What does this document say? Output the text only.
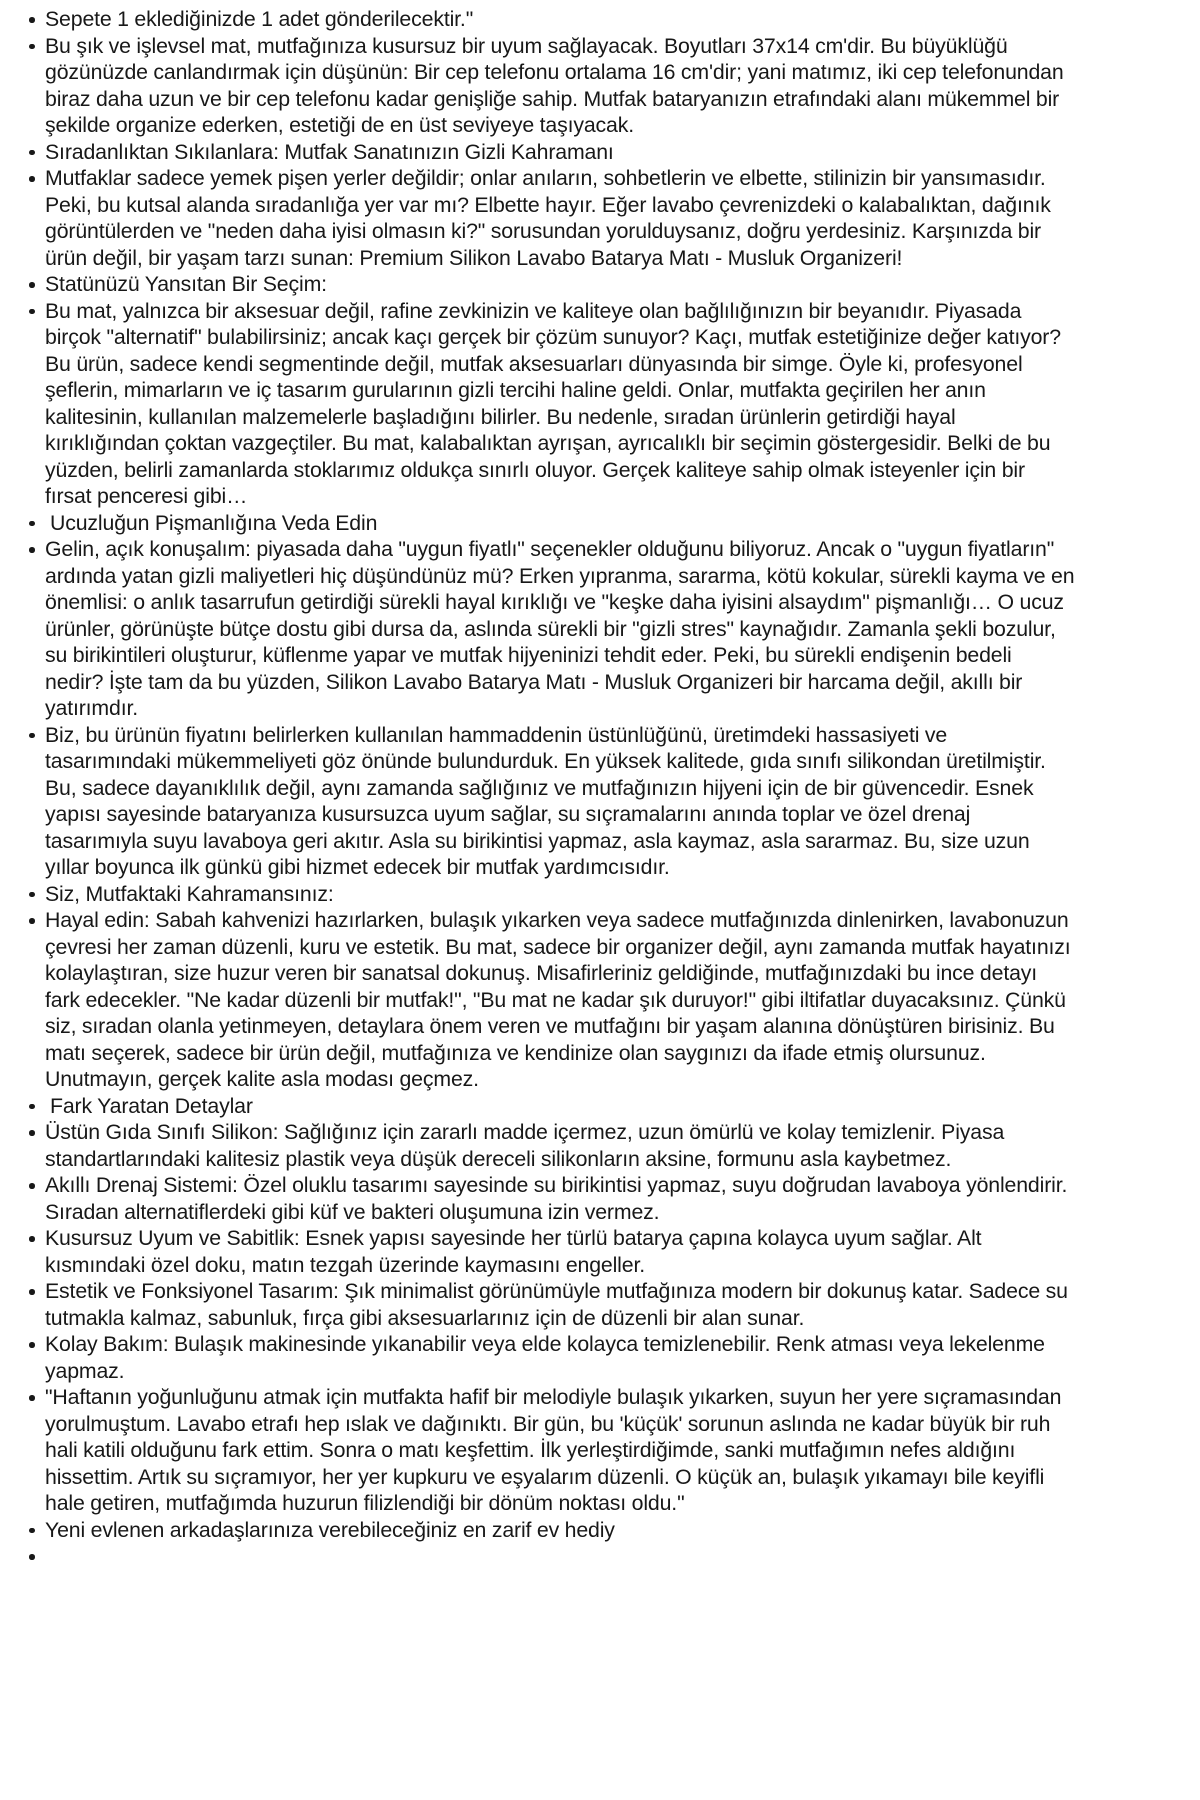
Sepete 1 eklediğinizde 1 adet gönderilecektir."
Bu şık ve işlevsel mat, mutfağınıza kusursuz bir uyum sağlayacak. Boyutları 37x14 cm'dir. Bu büyüklüğü gözünüzde canlandırmak için düşünün: Bir cep telefonu ortalama 16 cm'dir; yani matımız, iki cep telefonundan biraz daha uzun ve bir cep telefonu kadar genişliğe sahip. Mutfak bataryanızın etrafındaki alanı mükemmel bir şekilde organize ederken, estetiği de en üst seviyeye taşıyacak.
Sıradanlıktan Sıkılanlara: Mutfak Sanatınızın Gizli Kahramanı
Mutfaklar sadece yemek pişen yerler değildir; onlar anıların, sohbetlerin ve elbette, stilinizin bir yansımasıdır. Peki, bu kutsal alanda sıradanlığa yer var mı? Elbette hayır. Eğer lavabo çevrenizdeki o kalabalıktan, dağınık görüntülerden ve "neden daha iyisi olmasın ki?" sorusundan yorulduysanız, doğru yerdesiniz. Karşınızda bir ürün değil, bir yaşam tarzı sunan: Premium Silikon Lavabo Batarya Matı - Musluk Organizeri!
Statünüzü Yansıtan Bir Seçim:
Bu mat, yalnızca bir aksesuar değil, rafine zevkinizin ve kaliteye olan bağlılığınızın bir beyanıdır. Piyasada birçok "alternatif" bulabilirsiniz; ancak kaçı gerçek bir çözüm sunuyor? Kaçı, mutfak estetiğinize değer katıyor? Bu ürün, sadece kendi segmentinde değil, mutfak aksesuarları dünyasında bir simge. Öyle ki, profesyonel şeflerin, mimarların ve iç tasarım gurularının gizli tercihi haline geldi. Onlar, mutfakta geçirilen her anın kalitesinin, kullanılan malzemelerle başladığını bilirler. Bu nedenle, sıradan ürünlerin getirdiği hayal kırıklığından çoktan vazgeçtiler. Bu mat, kalabalıktan ayrışan, ayrıcalıklı bir seçimin göstergesidir. Belki de bu yüzden, belirli zamanlarda stoklarımız oldukça sınırlı oluyor. Gerçek kaliteye sahip olmak isteyenler için bir fırsat penceresi gibi…
Ucuzluğun Pişmanlığına Veda Edin
Gelin, açık konuşalım: piyasada daha "uygun fiyatlı" seçenekler olduğunu biliyoruz. Ancak o "uygun fiyatların" ardında yatan gizli maliyetleri hiç düşündünüz mü? Erken yıpranma, sararma, kötü kokular, sürekli kayma ve en önemlisi: o anlık tasarrufun getirdiği sürekli hayal kırıklığı ve "keşke daha iyisini alsaydım" pişmanlığı… O ucuz ürünler, görünüşte bütçe dostu gibi dursa da, aslında sürekli bir "gizli stres" kaynağıdır. Zamanla şekli bozulur, su birikintileri oluşturur, küflenme yapar ve mutfak hijyeninizi tehdit eder. Peki, bu sürekli endişenin bedeli nedir? İşte tam da bu yüzden, Silikon Lavabo Batarya Matı - Musluk Organizeri bir harcama değil, akıllı bir yatırımdır.
Biz, bu ürünün fiyatını belirlerken kullanılan hammaddenin üstünlüğünü, üretimdeki hassasiyeti ve tasarımındaki mükemmeliyeti göz önünde bulundurduk. En yüksek kalitede, gıda sınıfı silikondan üretilmiştir. Bu, sadece dayanıklılık değil, aynı zamanda sağlığınız ve mutfağınızın hijyeni için de bir güvencedir. Esnek yapısı sayesinde bataryanıza kusursuzca uyum sağlar, su sıçramalarını anında toplar ve özel drenaj tasarımıyla suyu lavaboya geri akıtır. Asla su birikintisi yapmaz, asla kaymaz, asla sararmaz. Bu, size uzun yıllar boyunca ilk günkü gibi hizmet edecek bir mutfak yardımcısıdır.
Siz, Mutfaktaki Kahramansınız:
Hayal edin: Sabah kahvenizi hazırlarken, bulaşık yıkarken veya sadece mutfağınızda dinlenirken, lavabonuzun çevresi her zaman düzenli, kuru ve estetik. Bu mat, sadece bir organizer değil, aynı zamanda mutfak hayatınızı kolaylaştıran, size huzur veren bir sanatsal dokunuş. Misafirleriniz geldiğinde, mutfağınızdaki bu ince detayı fark edecekler. "Ne kadar düzenli bir mutfak!", "Bu mat ne kadar şık duruyor!" gibi iltifatlar duyacaksınız. Çünkü siz, sıradan olanla yetinmeyen, detaylara önem veren ve mutfağını bir yaşam alanına dönüştüren birisiniz. Bu matı seçerek, sadece bir ürün değil, mutfağınıza ve kendinize olan saygınızı da ifade etmiş olursunuz. Unutmayın, gerçek kalite asla modası geçmez.
Fark Yaratan Detaylar
Üstün Gıda Sınıfı Silikon: Sağlığınız için zararlı madde içermez, uzun ömürlü ve kolay temizlenir. Piyasa standartlarındaki kalitesiz plastik veya düşük dereceli silikonların aksine, formunu asla kaybetmez.
Akıllı Drenaj Sistemi: Özel oluklu tasarımı sayesinde su birikintisi yapmaz, suyu doğrudan lavaboya yönlendirir. Sıradan alternatiflerdeki gibi küf ve bakteri oluşumuna izin vermez.
Kusursuz Uyum ve Sabitlik: Esnek yapısı sayesinde her türlü batarya çapına kolayca uyum sağlar. Alt kısmındaki özel doku, matın tezgah üzerinde kaymasını engeller.
Estetik ve Fonksiyonel Tasarım: Şık minimalist görünümüyle mutfağınıza modern bir dokunuş katar. Sadece su tutmakla kalmaz, sabunluk, fırça gibi aksesuarlarınız için de düzenli bir alan sunar.
Kolay Bakım: Bulaşık makinesinde yıkanabilir veya elde kolayca temizlenebilir. Renk atması veya lekelenme yapmaz.
"Haftanın yoğunluğunu atmak için mutfakta hafif bir melodiyle bulaşık yıkarken, suyun her yere sıçramasından yorulmuştum. Lavabo etrafı hep ıslak ve dağınıktı. Bir gün, bu 'küçük' sorunun aslında ne kadar büyük bir ruh hali katili olduğunu fark ettim. Sonra o matı keşfettim. İlk yerleştirdiğimde, sanki mutfağımın nefes aldığını hissettim. Artık su sıçramıyor, her yer kupkuru ve eşyalarım düzenli. O küçük an, bulaşık yıkamayı bile keyifli hale getiren, mutfağımda huzurun filizlendiği bir dönüm noktası oldu."
Yeni evlenen arkadaşlarınıza verebileceğiniz en zarif ev hediy
